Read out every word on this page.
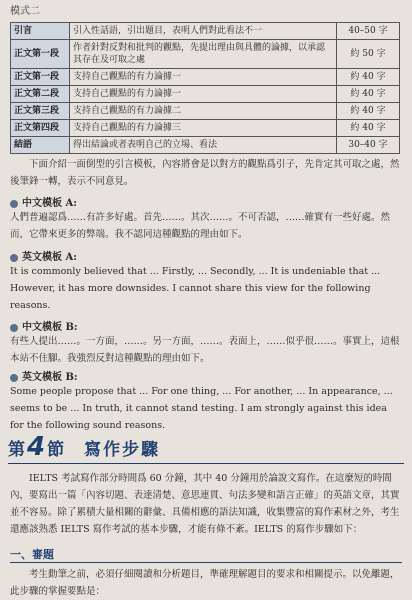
模式二
引言	引入性話語，引出題目，表明人們對此看法不一	40–50 字
正文第一段	作者針對反對和批判的觀點，先提出理由與具體的論據，以承認其存在及可取之處	約 50 字
正文第一段	支持自己觀點的有力論據一	約 40 字
正文第二段	支持自己觀點的有力論據一	約 40 字
正文第三段	支持自己觀點的有力論據二	約 40 字
正文第四段	支持自己觀點的有力論據三	約 40 字
結語	得出結論或者表明自己的立場、看法	30–40 字

下面介紹一面倒型的引言模板，內容將會是以對方的觀點爲引子，先肯定其可取之處，然後筆鋒一轉，表示不同意見。

中文模板 A:

人們普遍認爲……有許多好處。首先……。其次……。不可否認，……確實有一些好處。然而，它帶來更多的弊端。我不認同這種觀點的理由如下。

英文模板 A:

It is commonly believed that ... Firstly, ... Secondly, ... It is undeniable that ... However, it has more downsides. I cannot share this view for the following reasons.

中文模板 B:

有些人提出……。一方面，……。另一方面，……。表面上，……似乎很……。事實上，這根本站不住腳。我強烈反對這種觀點的理由如下。

英文模板 B:

Some people propose that ... For one thing, ... For another, ... In appearance, ... seems to be ... In truth, it cannot stand testing. I am strongly against this idea for the following sound reasons.

第 4 節 寫作步驟

IELTS 考試寫作部分時間爲 60 分鐘，其中 40 分鐘用於論說文寫作。在這麼短的時間內，要寫出一篇「內容切題、表達清楚、意思連貫、句法多變和語言正確」的英語文章，其實並不容易。除了累積大量相關的辭彙、具備相應的語法知識，收集豐富的寫作素材之外，考生還應該熟悉 IELTS 寫作考試的基本步驟，才能有條不紊。IELTS 的寫作步驟如下：

一、審題

考生動筆之前，必須仔細閱讀和分析題目，準確理解題目的要求和相關提示。以免離題，此步驟的掌握要點是：
